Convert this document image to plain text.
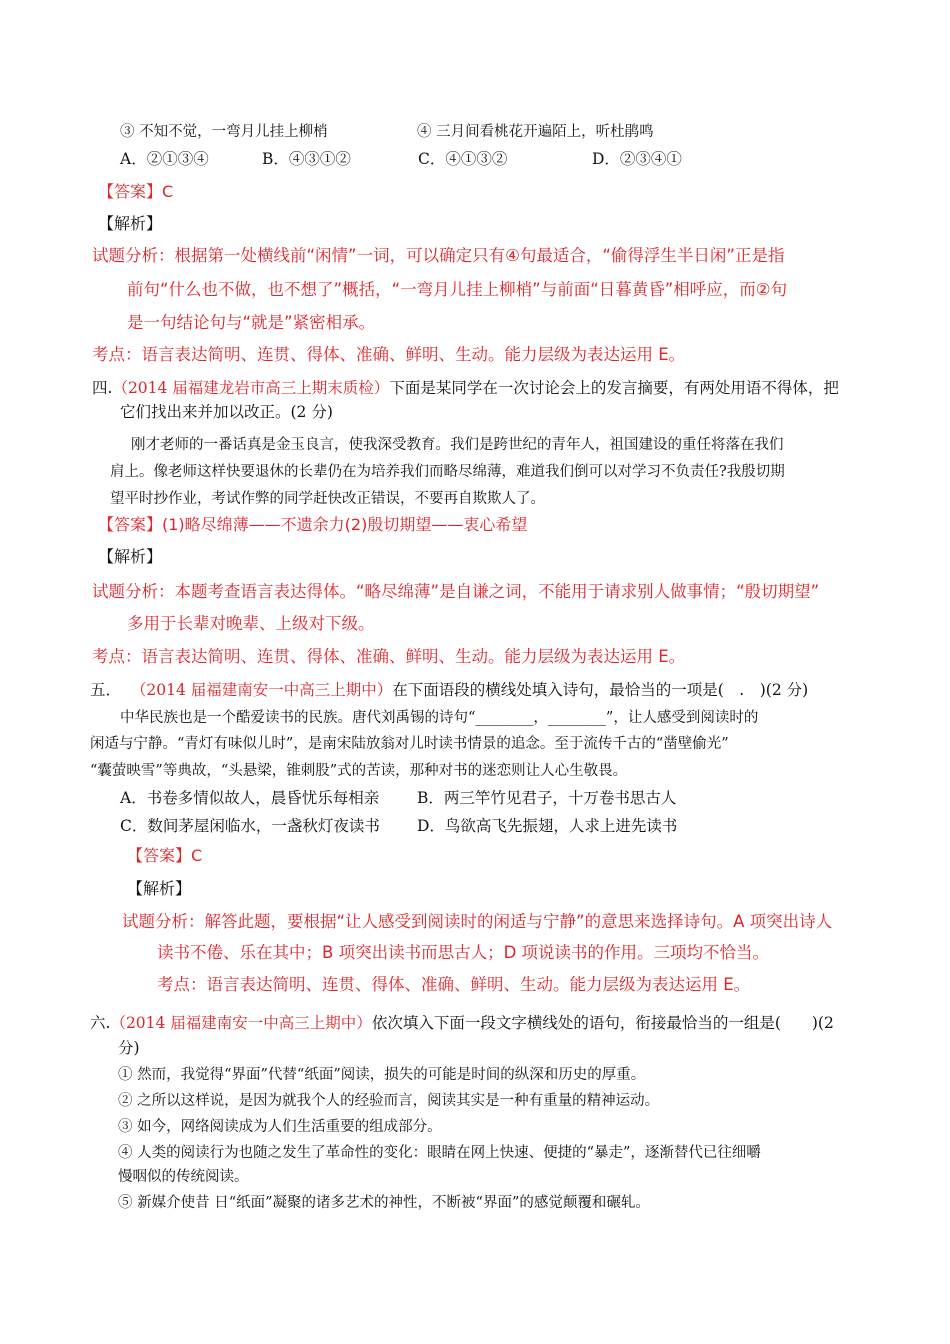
③ 不知不觉，一弯月儿挂上柳梢	④ 三月间看桃花开遍陌上，听杜鹃鸣
A．②①③④	B．④③①②	C．④①③②	D．②③④①
【答案】C
【解析】
试题分析：根据第一处横线前“闲情”一词，可以确定只有④句最适合，“偷得浮生半日闲”正是指
前句“什么也不做，也不想了”概括，“一弯月儿挂上柳梢”与前面“日暮黄昏”相呼应，而②句
是一句结论句与“就是”紧密相承。
考点：语言表达简明、连贯、得体、准确、鲜明、生动。能力层级为表达运用 E。
四.（2014 届福建龙岩市高三上期末质检）下面是某同学在一次讨论会上的发言摘要，有两处用语不得体，把
它们找出来并加以改正。(2 分)
刚才老师的一番话真是金玉良言，使我深受教育。我们是跨世纪的青年人，祖国建设的重任将落在我们
肩上。像老师这样快要退休的长辈仍在为培养我们而略尽绵薄，难道我们倒可以对学习不负责任?我殷切期
望平时抄作业，考试作弊的同学赶快改正错误，不要再自欺欺人了。
【答案】(1)略尽绵薄——不遗余力(2)殷切期望——衷心希望
【解析】
试题分析：本题考查语言表达得体。“略尽绵薄”是自谦之词，不能用于请求别人做事情；“殷切期望”
多用于长辈对晚辈、上级对下级。
考点：语言表达简明、连贯、得体、准确、鲜明、生动。能力层级为表达运用 E。
五． （2014 届福建南安一中高三上期中）在下面语段的横线处填入诗句，最恰当的一项是(　.　)(2 分)
中华民族也是一个酷爱读书的民族。唐代刘禹锡的诗句“________，________”，让人感受到阅读时的
闲适与宁静。“青灯有味似儿时”，是南宋陆放翁对儿时读书情景的追念。至于流传千古的“凿壁偷光”
“囊萤映雪”等典故，“头悬梁，锥刺股”式的苦读，那种对书的迷恋则让人心生敬畏。
A．书卷多情似故人，晨昏忧乐每相亲 B．两三竿竹见君子，十万卷书思古人
C．数间茅屋闲临水，一盏秋灯夜读书 D．鸟欲高飞先振翅，人求上进先读书
【答案】C
【解析】
试题分析：解答此题，要根据“让人感受到阅读时的闲适与宁静”的意思来选择诗句。A 项突出诗人
读书不倦、乐在其中；B 项突出读书而思古人；D 项说读书的作用。三项均不恰当。
考点：语言表达简明、连贯、得体、准确、鲜明、生动。能力层级为表达运用 E。
六.（2014 届福建南安一中高三上期中）依次填入下面一段文字横线处的语句，衔接最恰当的一组是(　　)(2
分)
① 然而，我觉得“界面”代替“纸面”阅读，损失的可能是时间的纵深和历史的厚重。
② 之所以这样说，是因为就我个人的经验而言，阅读其实是一种有重量的精神运动。
③ 如今，网络阅读成为人们生活重要的组成部分。
④ 人类的阅读行为也随之发生了革命性的变化：眼睛在网上快速、便捷的“暴走”，逐渐替代已往细嚼
慢咽似的传统阅读。
⑤ 新媒介使昔 日“纸面”凝聚的诸多艺术的神性，不断被“界面”的感觉颠覆和碾轧。
